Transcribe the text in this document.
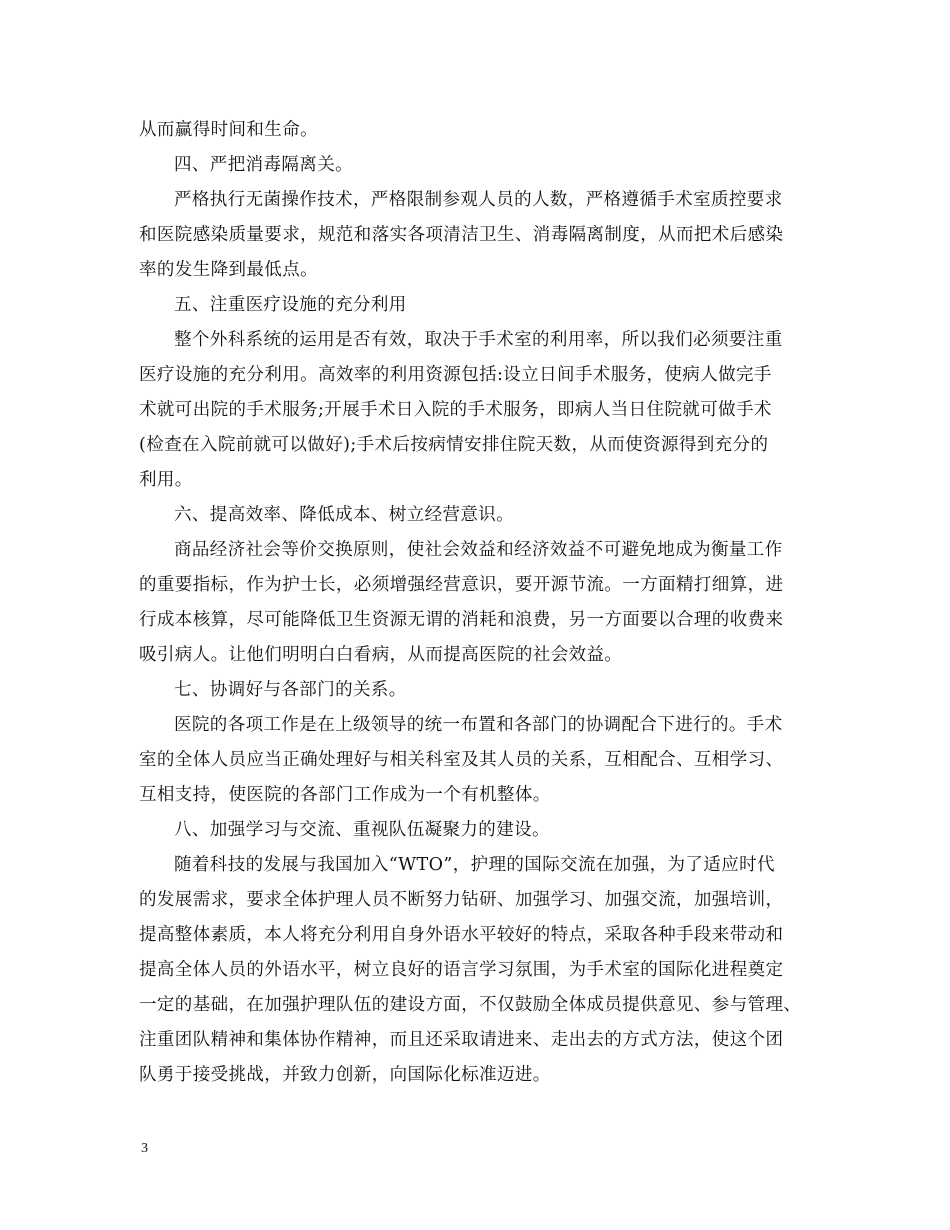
从而赢得时间和生命。
四、严把消毒隔离关。
严格执行无菌操作技术，严格限制参观人员的人数，严格遵循手术室质控要求
和医院感染质量要求，规范和落实各项清洁卫生、消毒隔离制度，从而把术后感染
率的发生降到最低点。
五、注重医疗设施的充分利用
整个外科系统的运用是否有效，取决于手术室的利用率，所以我们必须要注重
医疗设施的充分利用。高效率的利用资源包括:设立日间手术服务，使病人做完手
术就可出院的手术服务;开展手术日入院的手术服务，即病人当日住院就可做手术
(检查在入院前就可以做好);手术后按病情安排住院天数，从而使资源得到充分的
利用。
六、提高效率、降低成本、树立经营意识。
商品经济社会等价交换原则，使社会效益和经济效益不可避免地成为衡量工作
的重要指标，作为护士长，必须增强经营意识，要开源节流。一方面精打细算，进
行成本核算，尽可能降低卫生资源无谓的消耗和浪费，另一方面要以合理的收费来
吸引病人。让他们明明白白看病，从而提高医院的社会效益。
七、协调好与各部门的关系。
医院的各项工作是在上级领导的统一布置和各部门的协调配合下进行的。手术
室的全体人员应当正确处理好与相关科室及其人员的关系，互相配合、互相学习、
互相支持，使医院的各部门工作成为一个有机整体。
八、加强学习与交流、重视队伍凝聚力的建设。
随着科技的发展与我国加入“WTO”，护理的国际交流在加强，为了适应时代
的发展需求，要求全体护理人员不断努力钻研、加强学习、加强交流，加强培训，
提高整体素质，本人将充分利用自身外语水平较好的特点，采取各种手段来带动和
提高全体人员的外语水平，树立良好的语言学习氛围，为手术室的国际化进程奠定
一定的基础，在加强护理队伍的建设方面，不仅鼓励全体成员提供意见、参与管理、
注重团队精神和集体协作精神，而且还采取请进来、走出去的方式方法，使这个团
队勇于接受挑战，并致力创新，向国际化标准迈进。
3
